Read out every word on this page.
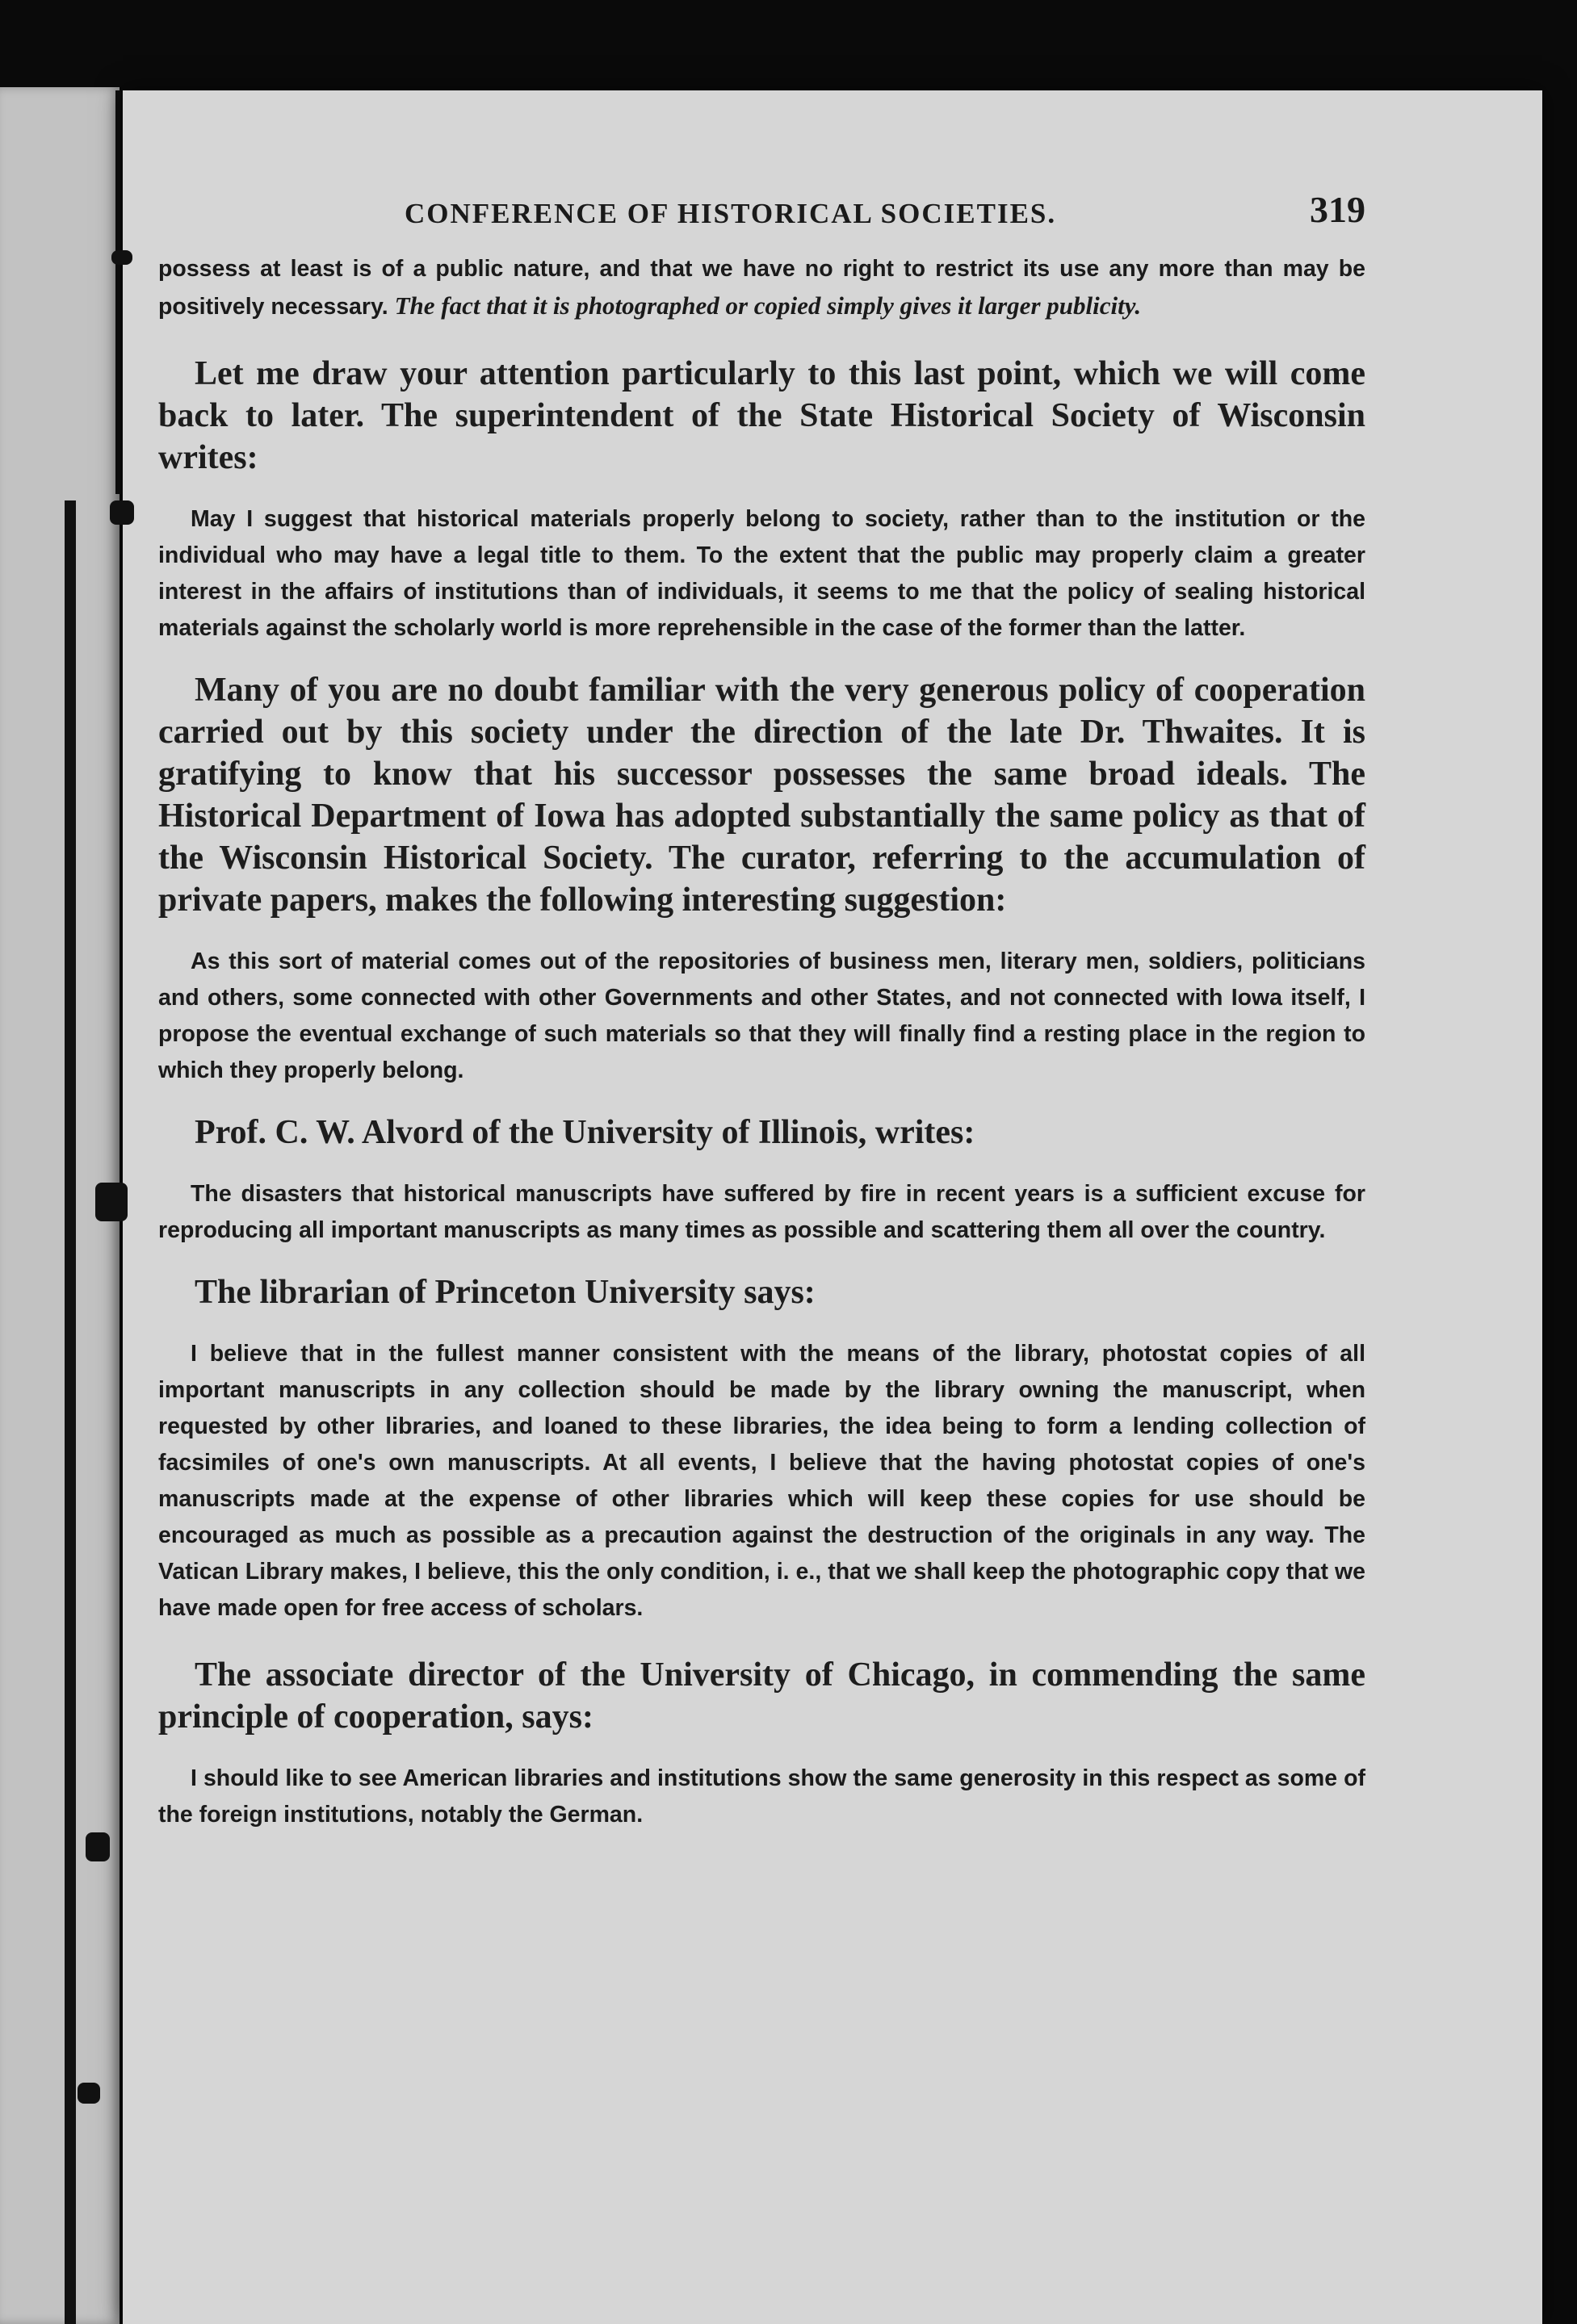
CONFERENCE OF HISTORICAL SOCIETIES.	319

possess at least is of a public nature, and that we have no right to restrict its use any more than may be positively necessary. The fact that it is photographed or copied simply gives it larger publicity.

Let me draw your attention particularly to this last point, which we will come back to later. The superintendent of the State Historical Society of Wisconsin writes:

May I suggest that historical materials properly belong to society, rather than to the institution or the individual who may have a legal title to them. To the extent that the public may properly claim a greater interest in the affairs of institutions than of individuals, it seems to me that the policy of sealing historical materials against the scholarly world is more reprehensible in the case of the former than the latter.

Many of you are no doubt familiar with the very generous policy of cooperation carried out by this society under the direction of the late Dr. Thwaites. It is gratifying to know that his successor possesses the same broad ideals. The Historical Department of Iowa has adopted substantially the same policy as that of the Wisconsin Historical Society. The curator, referring to the accumulation of private papers, makes the following interesting suggestion:

As this sort of material comes out of the repositories of business men, literary men, soldiers, politicians and others, some connected with other Governments and other States, and not connected with Iowa itself, I propose the eventual exchange of such materials so that they will finally find a resting place in the region to which they properly belong.

Prof. C. W. Alvord of the University of Illinois, writes:

The disasters that historical manuscripts have suffered by fire in recent years is a sufficient excuse for reproducing all important manuscripts as many times as possible and scattering them all over the country.

The librarian of Princeton University says:

I believe that in the fullest manner consistent with the means of the library, photostat copies of all important manuscripts in any collection should be made by the library owning the manuscript, when requested by other libraries, and loaned to these libraries, the idea being to form a lending collection of facsimiles of one's own manuscripts. At all events, I believe that the having photostat copies of one's manuscripts made at the expense of other libraries which will keep these copies for use should be encouraged as much as possible as a precaution against the destruction of the originals in any way. The Vatican Library makes, I believe, this the only condition, i. e., that we shall keep the photographic copy that we have made open for free access of scholars.

The associate director of the University of Chicago, in commending the same principle of cooperation, says:

I should like to see American libraries and institutions show the same generosity in this respect as some of the foreign institutions, notably the German.
